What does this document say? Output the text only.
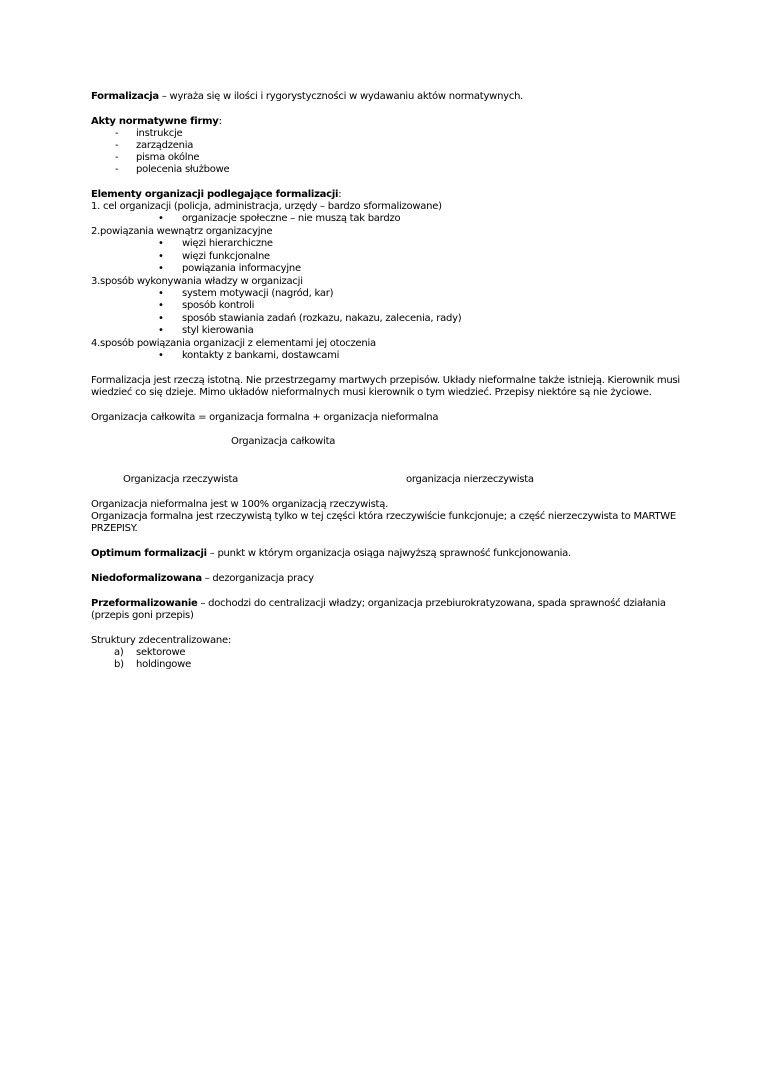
Formalizacja – wyraża się w ilości i rygorystyczności w wydawaniu aktów normatywnych.
Akty normatywne firmy:
- instrukcje
- zarządzenia
- pisma okólne
- polecenia służbowe
Elementy organizacji podlegające formalizacji:
1. cel organizacji (policja, administracja, urzędy – bardzo sformalizowane)
• organizacje społeczne – nie muszą tak bardzo
2.powiązania wewnątrz organizacyjne
• więzi hierarchiczne
• więzi funkcjonalne
• powiązania informacyjne
3.sposób wykonywania władzy w organizacji
• system motywacji (nagród, kar)
• sposób kontroli
• sposób stawiania zadań (rozkazu, nakazu, zalecenia, rady)
• styl kierowania
4.sposób powiązania organizacji z elementami jej otoczenia
• kontakty z bankami, dostawcami
Formalizacja jest rzeczą istotną. Nie przestrzegamy martwych przepisów. Układy nieformalne także istnieją. Kierownik musi
wiedzieć co się dzieje. Mimo układów nieformalnych musi kierownik o tym wiedzieć. Przepisy niektóre są nie życiowe.
Organizacja całkowita = organizacja formalna + organizacja nieformalna
Organizacja całkowita
Organizacja rzeczywista	organizacja nierzeczywista
Organizacja nieformalna jest w 100% organizacją rzeczywistą.
Organizacja formalna jest rzeczywistą tylko w tej części która rzeczywiście funkcjonuje; a część nierzeczywista to MARTWE
PRZEPISY.
Optimum formalizacji – punkt w którym organizacja osiąga najwyższą sprawność funkcjonowania.
Niedoformalizowana – dezorganizacja pracy
Przeformalizowanie – dochodzi do centralizacji władzy; organizacja przebiurokratyzowana, spada sprawność działania
(przepis goni przepis)
Struktury zdecentralizowane:
a) sektorowe
b) holdingowe
